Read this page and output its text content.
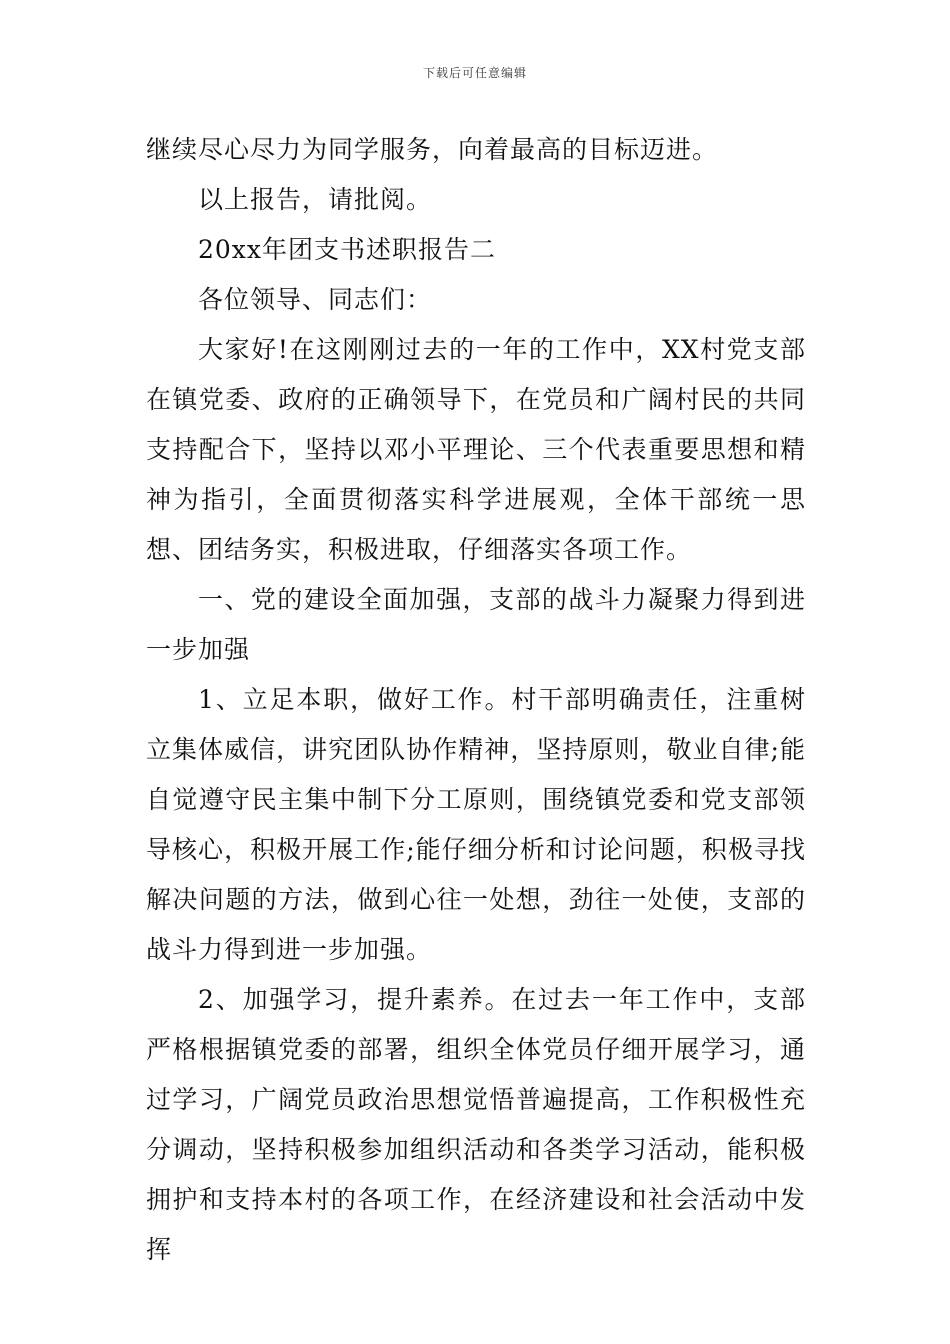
下载后可任意编辑

继续尽心尽力为同学服务，向着最高的目标迈进。

以上报告，请批阅。

20xx年团支书述职报告二

各位领导、同志们：

大家好!在这刚刚过去的一年的工作中，XX村党支部在镇党委、政府的正确领导下，在党员和广阔村民的共同支持配合下，坚持以邓小平理论、三个代表重要思想和精神为指引，全面贯彻落实科学进展观，全体干部统一思想、团结务实，积极进取，仔细落实各项工作。

一、党的建设全面加强，支部的战斗力凝聚力得到进一步加强

1、立足本职，做好工作。村干部明确责任，注重树立集体威信，讲究团队协作精神，坚持原则，敬业自律;能自觉遵守民主集中制下分工原则，围绕镇党委和党支部领导核心，积极开展工作;能仔细分析和讨论问题，积极寻找解决问题的方法，做到心往一处想，劲往一处使，支部的战斗力得到进一步加强。

2、加强学习，提升素养。在过去一年工作中，支部严格根据镇党委的部署，组织全体党员仔细开展学习，通过学习，广阔党员政治思想觉悟普遍提高，工作积极性充分调动，坚持积极参加组织活动和各类学习活动，能积极拥护和支持本村的各项工作，在经济建设和社会活动中发挥
